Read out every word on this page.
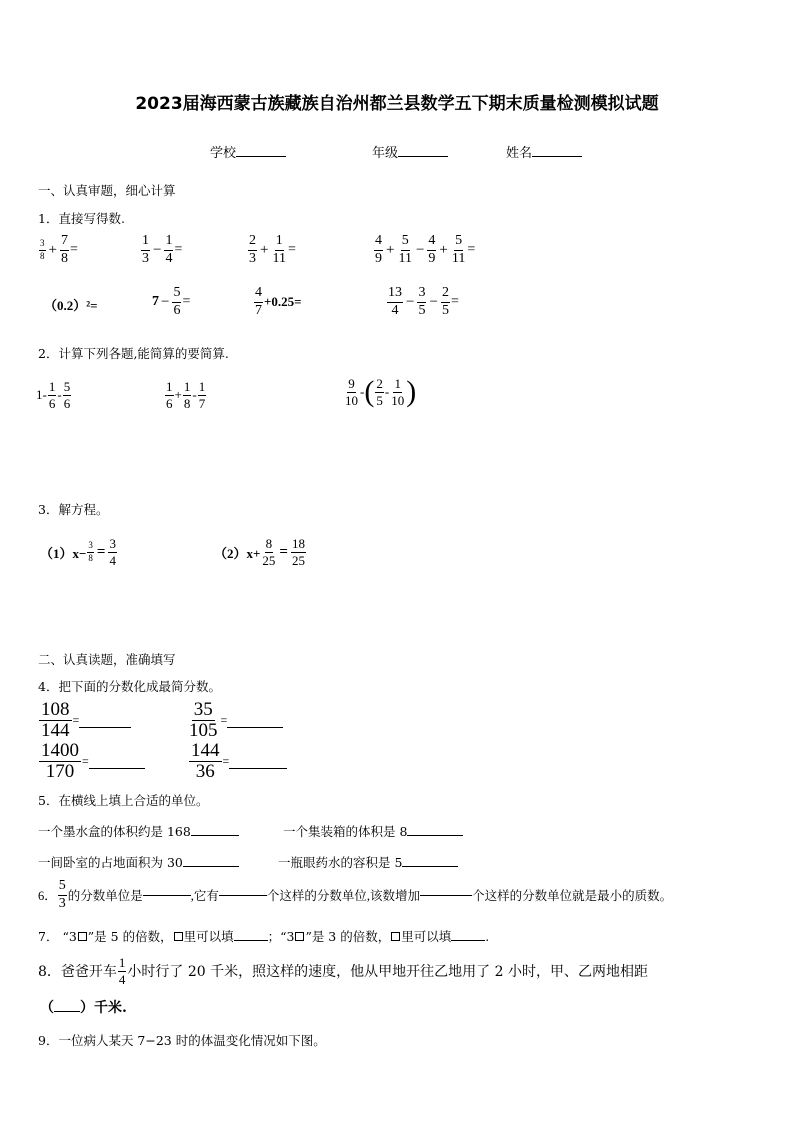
2023届海西蒙古族藏族自治州都兰县数学五下期末质量检测模拟试题
学校	年级	姓名
一、认真审题，细心计算
1．直接写得数.
$\frac{3}{8} + \frac{7}{8}$ =	$\frac{1}{3} - \frac{1}{4}$ =	$\frac{2}{3} + \frac{1}{11}$ =	$\frac{4}{9} + \frac{5}{11} - \frac{4}{9} + \frac{5}{11}$ =
（0.2）²=	$7 - \frac{5}{6}$ =	$\frac{4}{7} +0.25=$	$\frac{13}{4} - \frac{3}{5} - \frac{2}{5}$ =
2．计算下列各题,能简算的要简算.
$1- \frac{1}{6} - \frac{5}{6}$	$\frac{1}{6} + \frac{1}{8} - \frac{1}{7}$	$\frac{9}{10}$ - ( $\frac{2}{5} - \frac{1}{10}$ )
3．解方程。
$(1)x- \frac{3}{8} = \frac{3}{4}$	$(2)x+ \frac{8}{25} = \frac{18}{25}$
二、认真读题，准确填写
4．把下面的分数化成最简分数。
$\frac{108}{144}$ =	$\frac{35}{105}$ =
$\frac{1400}{170}$ =	$\frac{144}{36}$ =
5．在横线上填上合适的单位。
一个墨水盒的体积约是 168	一个集装箱的体积是 8
一间卧室的占地面积为 30	一瓶眼药水的容积是 5
6． $\frac{5}{3}$ 的分数单位是	,它有	个这样的分数单位,该数增加	个这样的分数单位就是最小的质数。
7． “3 ”是 5 的倍数， 里可以填	；“3 ”是 3 的倍数， 里可以填	.
8． 爸爸开车 $\frac{1}{4}$ 小时行了 20 千米，照这样的速度，他从甲地开往乙地用了 2 小时，甲、乙两地相距
（ ）千米.
9．一位病人某天 7−23 时的体温变化情况如下图。
